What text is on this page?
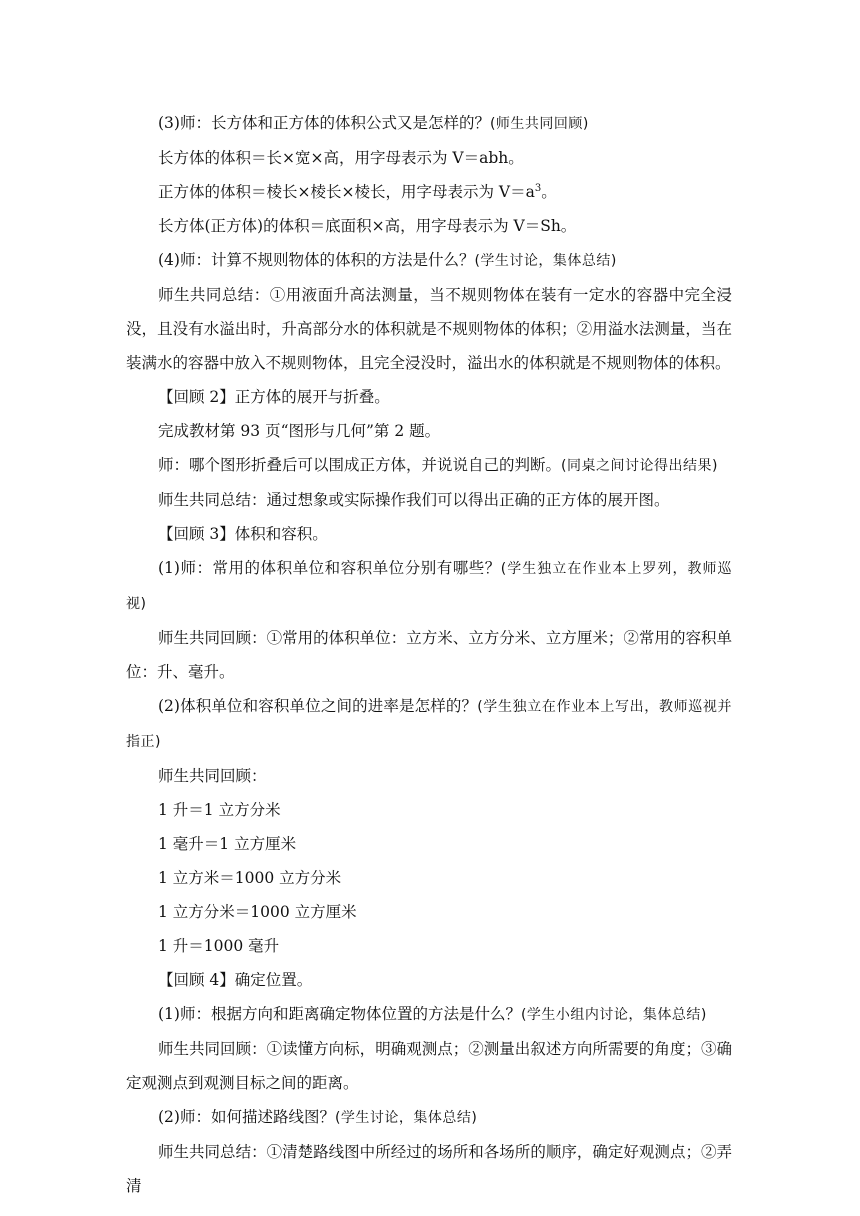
(3)师：长方体和正方体的体积公式又是怎样的？(师生共同回顾)

长方体的体积＝长×宽×高，用字母表示为 V＝abh。

正方体的体积＝棱长×棱长×棱长，用字母表示为 $V=a^3$。

长方体(正方体)的体积＝底面积×高，用字母表示为 V＝Sh。

(4)师：计算不规则物体的体积的方法是什么？(学生讨论，集体总结)

师生共同总结：①用液面升高法测量，当不规则物体在装有一定水的容器中完全浸没，且没有水溢出时，升高部分水的体积就是不规则物体的体积；②用溢水法测量，当在装满水的容器中放入不规则物体，且完全浸没时，溢出水的体积就是不规则物体的体积。

【回顾 2】正方体的展开与折叠。

完成教材第 93 页“图形与几何”第 2 题。

师：哪个图形折叠后可以围成正方体，并说说自己的判断。(同桌之间讨论得出结果)

师生共同总结：通过想象或实际操作我们可以得出正确的正方体的展开图。

【回顾 3】体积和容积。

(1)师：常用的体积单位和容积单位分别有哪些？(学生独立在作业本上罗列，教师巡视)

师生共同回顾：①常用的体积单位：立方米、立方分米、立方厘米；②常用的容积单位：升、毫升。

(2)体积单位和容积单位之间的进率是怎样的？(学生独立在作业本上写出，教师巡视并指正)

师生共同回顾：

1 升＝1 立方分米

1 毫升＝1 立方厘米

1 立方米＝1000 立方分米

1 立方分米＝1000 立方厘米

1 升＝1000 毫升

【回顾 4】确定位置。

(1)师：根据方向和距离确定物体位置的方法是什么？(学生小组内讨论，集体总结)

师生共同回顾：①读懂方向标，明确观测点；②测量出叙述方向所需要的角度；③确定观测点到观测目标之间的距离。

(2)师：如何描述路线图？(学生讨论，集体总结)

师生共同总结：①清楚路线图中所经过的场所和各场所的顺序，确定好观测点；②弄清
